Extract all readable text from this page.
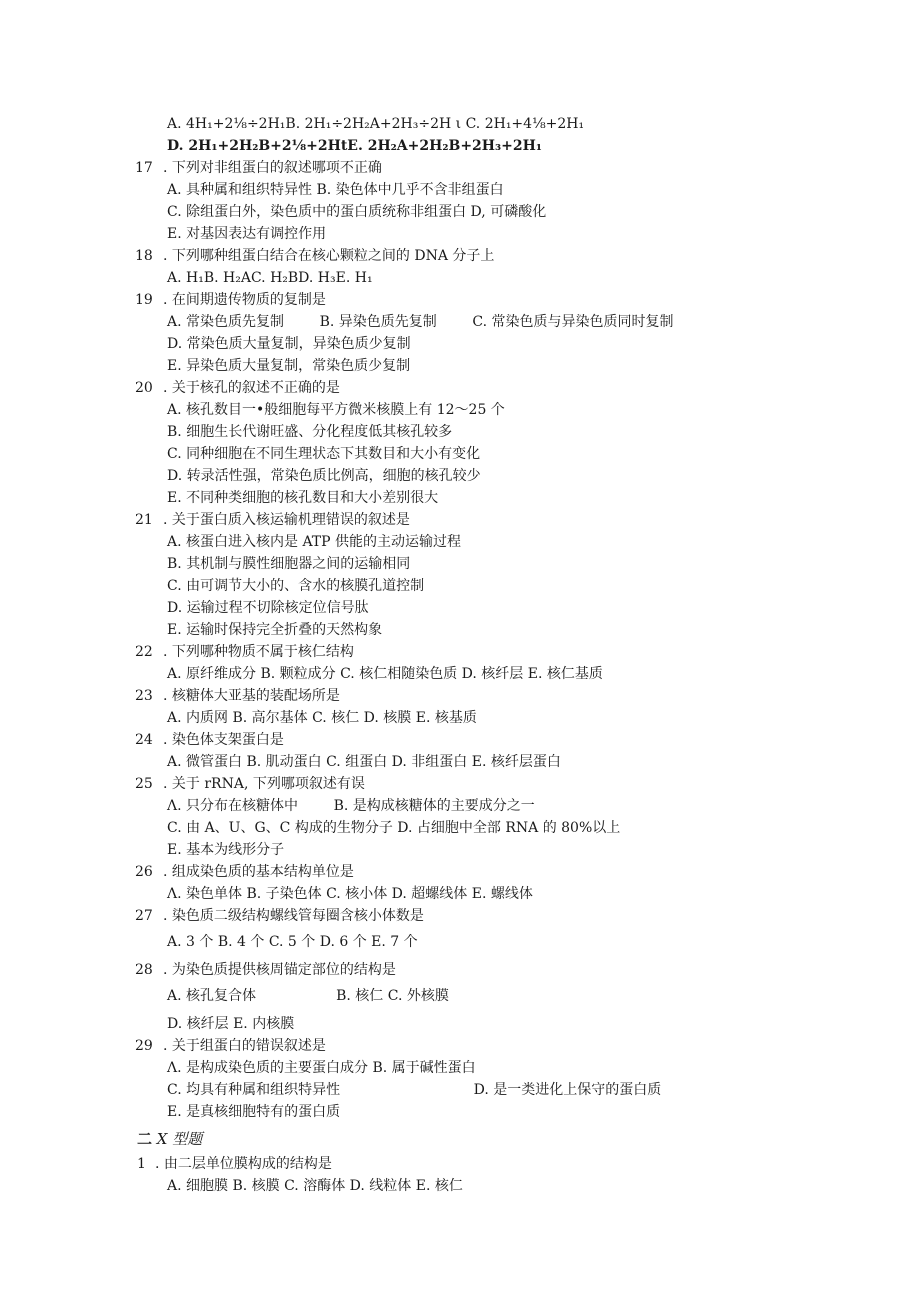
A. 4H₁+2⅛÷2H₁B. 2H₁÷2H₂A+2H₃÷2H ι C. 2H₁+4⅛+2H₁
D. 2H₁+2H₂B+2⅛+2HtE. 2H₂A+2H₂B+2H₃+2H₁
17 . 下列对非组蛋白的叙述哪项不正确
A. 具种属和组织特异性 B. 染色体中几乎不含非组蛋白
C. 除组蛋白外，染色质中的蛋白质统称非组蛋白 D, 可磷酸化
E. 对基因表达有调控作用
18 . 下列哪种组蛋白结合在核心颗粒之间的 DNA 分子上
A. H₁B. H₂AC. H₂BD. H₃E. H₁
19 . 在间期遗传物质的复制是
A. 常染色质先复制        B. 异染色质先复制        C. 常染色质与异染色质同时复制
D. 常染色质大量复制，异染色质少复制
E. 异染色质大量复制，常染色质少复制
20 . 关于核孔的叙述不正确的是
A. 核孔数目一•般细胞每平方微米核膜上有 12～25 个
B. 细胞生长代谢旺盛、分化程度低其核孔较多
C. 同种细胞在不同生理状态下其数目和大小有变化
D. 转录活性强，常染色质比例高，细胞的核孔较少
E. 不同种类细胞的核孔数目和大小差别很大
21 . 关于蛋白质入核运输机理错误的叙述是
A. 核蛋白进入核内是 ATP 供能的主动运输过程
B. 其机制与膜性细胞器之间的运输相同
C. 由可调节大小的、含水的核膜孔道控制
D. 运输过程不切除核定位信号肽
E. 运输时保持完全折叠的天然构象
22 . 下列哪种物质不属于核仁结构
A. 原纤维成分 B. 颗粒成分 C. 核仁相随染色质 D. 核纤层 E. 核仁基质
23 . 核糖体大亚基的装配场所是
A. 内质网 B. 高尔基体 C. 核仁 D. 核膜 E. 核基质
24 . 染色体支架蛋白是
A. 微管蛋白 B. 肌动蛋白 C. 组蛋白 D. 非组蛋白 E. 核纤层蛋白
25 . 关于 rRNA, 下列哪项叙述有误
Λ. 只分布在核糖体中        B. 是构成核糖体的主要成分之一
C. 由 A、U、G、C 构成的生物分子 D. 占细胞中全部 RNA 的 80%以上
E. 基本为线形分子
26 . 组成染色质的基本结构单位是
Λ. 染色单体 B. 子染色体 C. 核小体 D. 超螺线体 E. 螺线体
27 . 染色质二级结构螺线管每圈含核小体数是
A. 3 个 B. 4 个 C. 5 个 D. 6 个 E. 7 个
28 . 为染色质提供核周锚定部位的结构是
A. 核孔复合体                  B. 核仁 C. 外核膜
D. 核纤层 E. 内核膜
29 . 关于组蛋白的错误叙述是
Λ. 是构成染色质的主要蛋白成分 B. 属于碱性蛋白
C. 均具有种属和组织特异性                              D. 是一类进化上保守的蛋白质
E. 是真核细胞特有的蛋白质
二 X 型题
1 . 由二层单位膜构成的结构是
A. 细胞膜 B. 核膜 C. 溶酶体 D. 线粒体 E. 核仁
